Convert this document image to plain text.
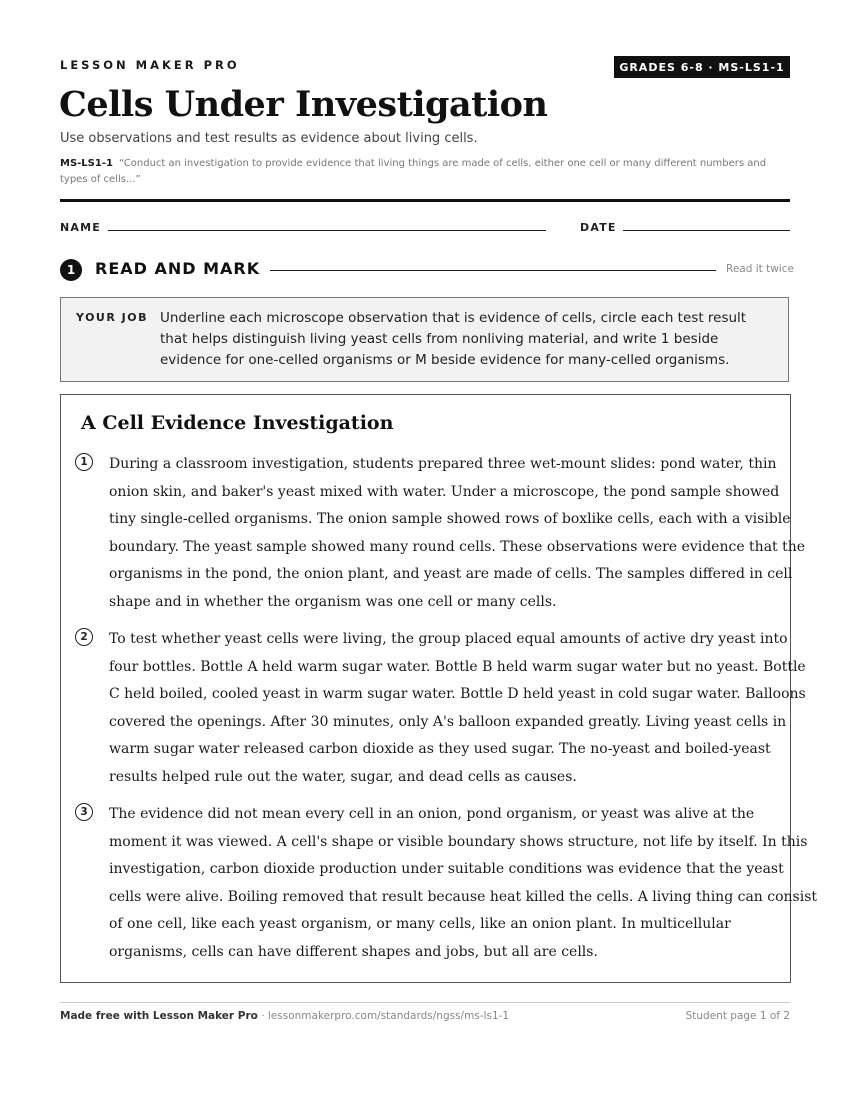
LESSON MAKER PRO	GRADES 6-8 · MS-LS1-1
Cells Under Investigation
Use observations and test results as evidence about living cells.
MS-LS1-1 “Conduct an investigation to provide evidence that living things are made of cells, either one cell or many different numbers and types of cells...”
NAME	DATE
1	READ AND MARK	Read it twice
YOUR JOB Underline each microscope observation that is evidence of cells, circle each test result that helps distinguish living yeast cells from nonliving material, and write 1 beside evidence for one-celled organisms or M beside evidence for many-celled organisms.
A Cell Evidence Investigation
1	During a classroom investigation, students prepared three wet-mount slides: pond water, thin
onion skin, and baker's yeast mixed with water. Under a microscope, the pond sample showed
tiny single-celled organisms. The onion sample showed rows of boxlike cells, each with a visible
boundary. The yeast sample showed many round cells. These observations were evidence that the
organisms in the pond, the onion plant, and yeast are made of cells. The samples differed in cell
shape and in whether the organism was one cell or many cells.

2	To test whether yeast cells were living, the group placed equal amounts of active dry yeast into
four bottles. Bottle A held warm sugar water. Bottle B held warm sugar water but no yeast. Bottle
C held boiled, cooled yeast in warm sugar water. Bottle D held yeast in cold sugar water. Balloons
covered the openings. After 30 minutes, only A's balloon expanded greatly. Living yeast cells in
warm sugar water released carbon dioxide as they used sugar. The no-yeast and boiled-yeast
results helped rule out the water, sugar, and dead cells as causes.

3	The evidence did not mean every cell in an onion, pond organism, or yeast was alive at the
moment it was viewed. A cell's shape or visible boundary shows structure, not life by itself. In this
investigation, carbon dioxide production under suitable conditions was evidence that the yeast
cells were alive. Boiling removed that result because heat killed the cells. A living thing can consist
of one cell, like each yeast organism, or many cells, like an onion plant. In multicellular
organisms, cells can have different shapes and jobs, but all are cells.

Made free with Lesson Maker Pro · lessonmakerpro.com/standards/ngss/ms-ls1-1	Student page 1 of 2
